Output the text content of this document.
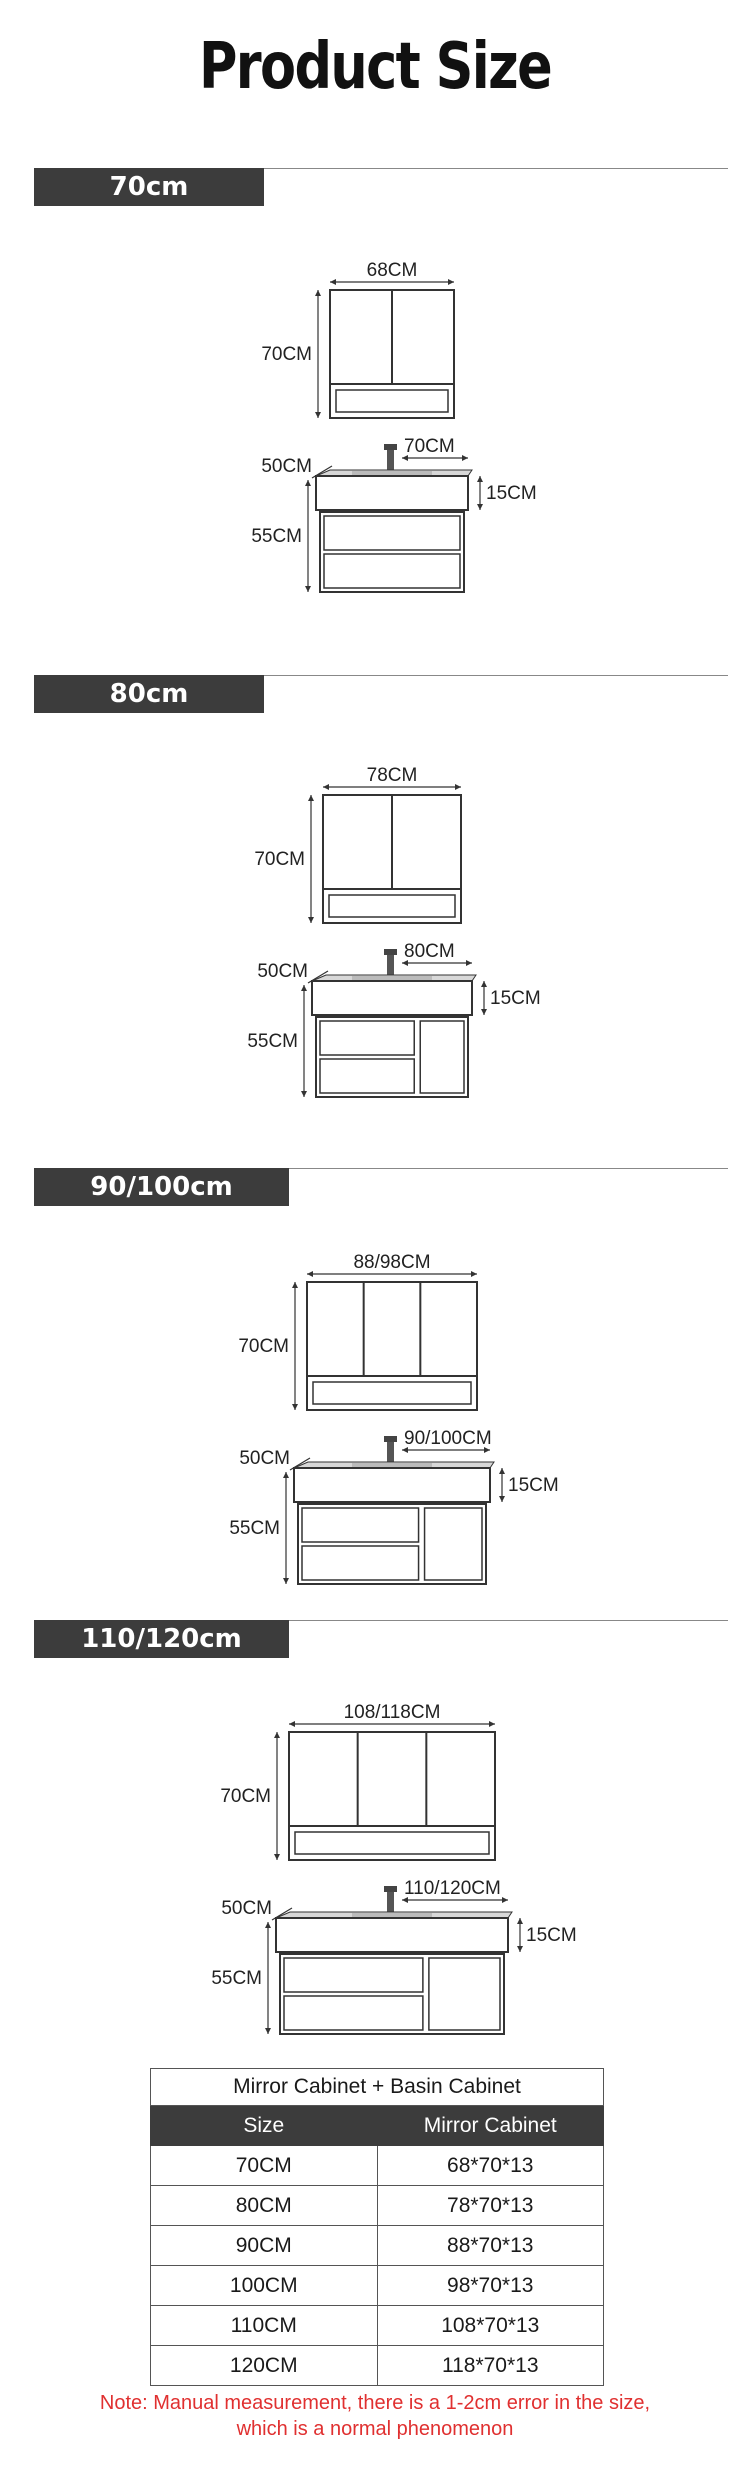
Product Size
70cm
68CM
70CM
70CM
50CM
15CM
55CM
80cm
78CM
70CM
80CM
50CM
15CM
55CM
90/100cm
88/98CM
70CM
90/100CM
50CM
15CM
55CM
110/120cm
108/118CM
70CM
110/120CM
50CM
15CM
55CM
Mirror Cabinet + Basin Cabinet	
Size	Mirror Cabinet
70CM	68*70*13
80CM	78*70*13
90CM	88*70*13
100CM	98*70*13
110CM	108*70*13
120CM	118*70*13
Note: Manual measurement, there is a 1-2cm error in the size,
which is a normal phenomenon
